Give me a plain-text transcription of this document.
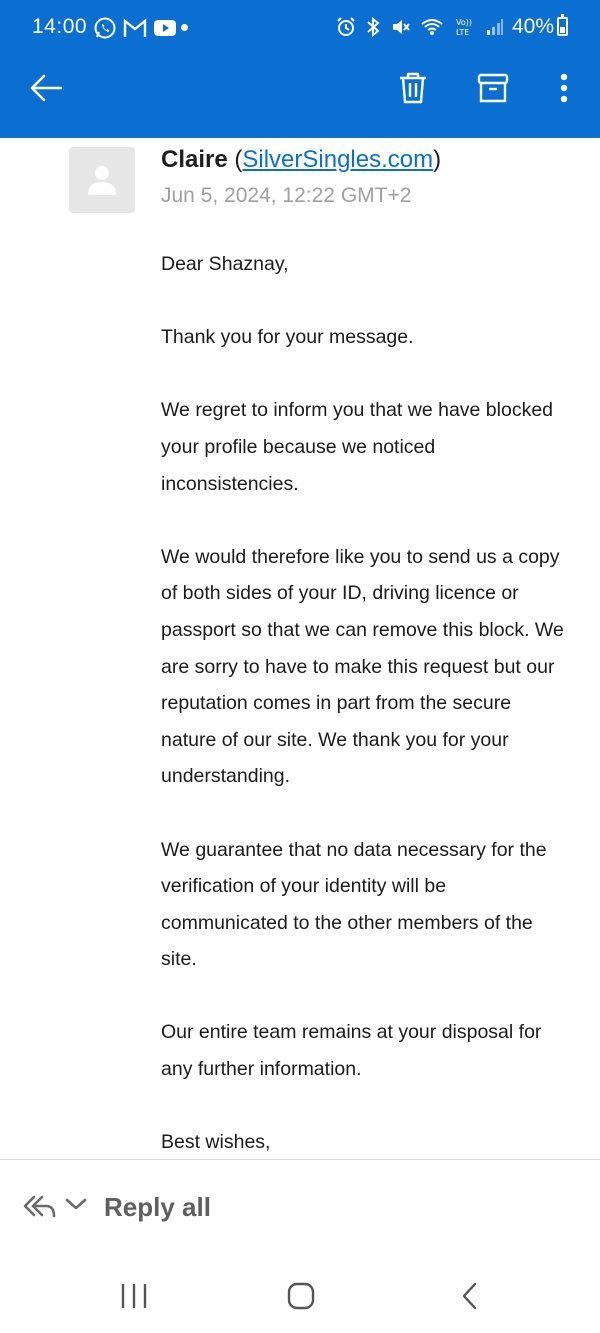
14:00	Vo))
LTE 40%
Claire (SilverSingles.com)
Jun 5, 2024, 12:22 GMT+2

Dear Shaznay,

Thank you for your message.

We regret to inform you that we have blocked your profile because we noticed inconsistencies.

We would therefore like you to send us a copy of both sides of your ID, driving licence or passport so that we can remove this block. We are sorry to have to make this request but our reputation comes in part from the secure nature of our site. We thank you for your understanding.

We guarantee that no data necessary for the verification of your identity will be communicated to the other members of the site.

Our entire team remains at your disposal for any further information.

Best wishes,

Reply all
